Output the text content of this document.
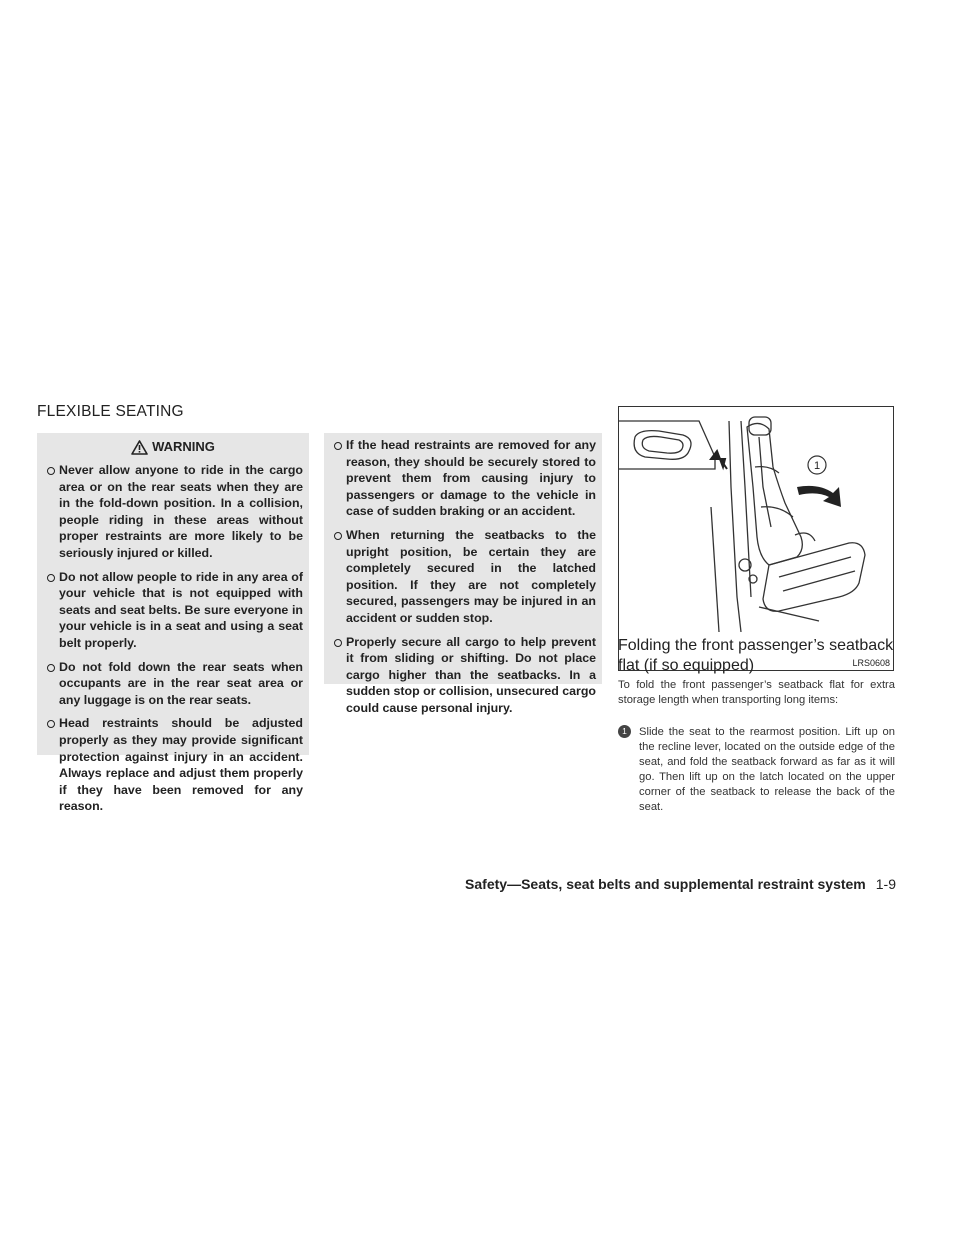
FLEXIBLE SEATING
WARNING
Never allow anyone to ride in the cargo area or on the rear seats when they are in the fold-down position. In a collision, people riding in these areas without proper restraints are more likely to be seriously injured or killed.
Do not allow people to ride in any area of your vehicle that is not equipped with seats and seat belts. Be sure everyone in your vehicle is in a seat and using a seat belt properly.
Do not fold down the rear seats when occupants are in the rear seat area or any luggage is on the rear seats.
Head restraints should be adjusted properly as they may provide significant protection against injury in an accident. Always replace and adjust them properly if they have been removed for any reason.
If the head restraints are removed for any reason, they should be securely stored to prevent them from causing injury to passengers or damage to the vehicle in case of sudden braking or an accident.
When returning the seatbacks to the upright position, be certain they are completely secured in the latched position. If they are not completely secured, passengers may be injured in an accident or sudden stop.
Properly secure all cargo to help prevent it from sliding or shifting. Do not place cargo higher than the seatbacks. In a sudden stop or collision, unsecured cargo could cause personal injury.
1
LRS0608
Folding the front passenger’s seatback flat (if so equipped)
To fold the front passenger’s seatback flat for extra storage length when transporting long items:
1	Slide the seat to the rearmost position. Lift up on the recline lever, located on the outside edge of the seat, and fold the seatback forward as far as it will go. Then lift up on the latch located on the upper corner of the seatback to release the back of the seat.
Safety—Seats, seat belts and supplemental restraint system 1-9
